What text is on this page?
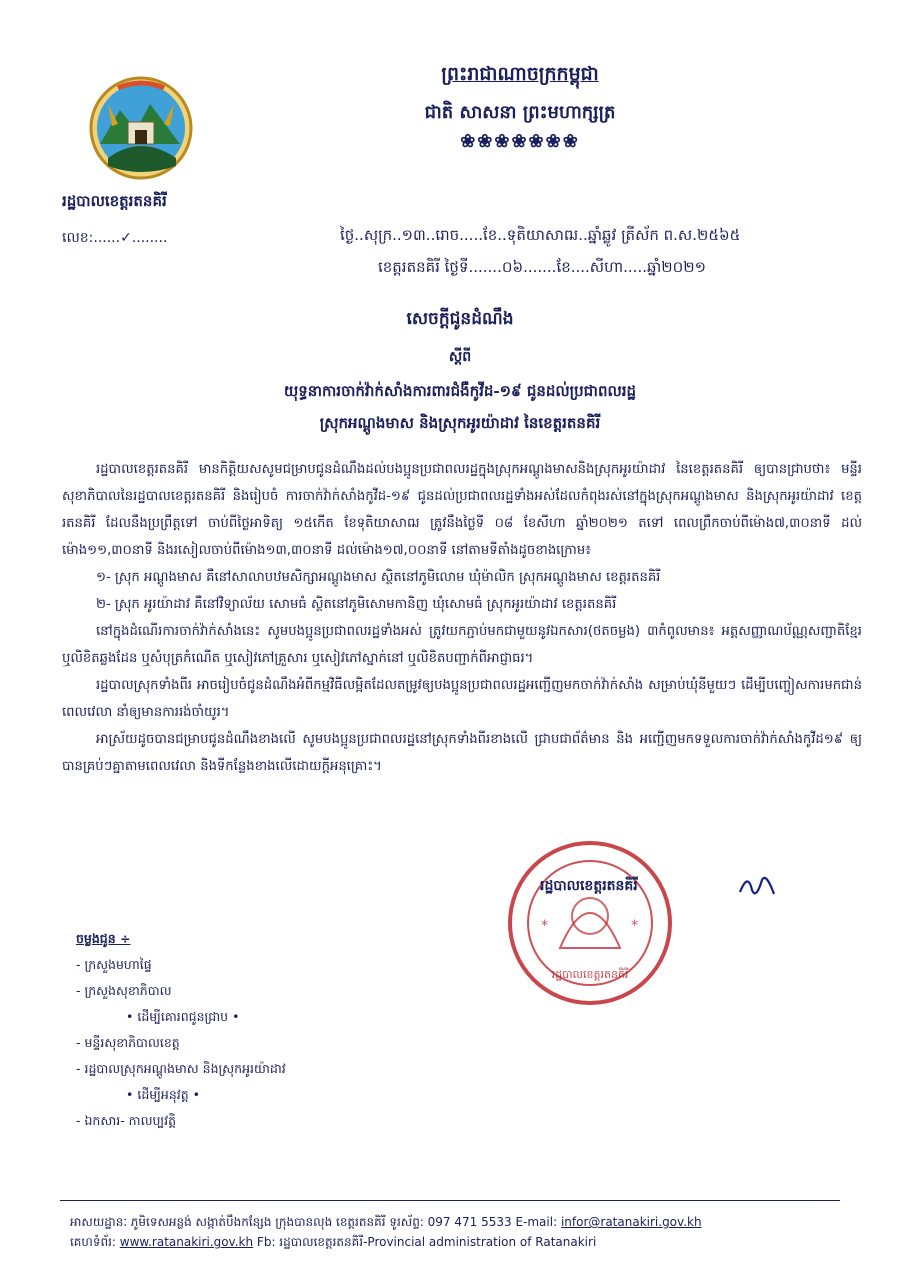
ព្រះរាជាណាចក្រកម្ពុជា
ជាតិ សាសនា ព្រះមហាក្សត្រ
❀❀❀❀❀❀❀
រដ្ឋបាលខេត្តរតនគិរី
លេខ:......✓........	ថ្ងៃ..សុក្រ..១៣..រោច.....ខែ..ទុតិយាសាឍ..ឆ្នាំឆ្លូវ ត្រីស័ក ព.ស.២៥៦៥
ខេត្តរតនគិរី ថ្ងៃទី.......០៦.......ខែ....សីហា.....ឆ្នាំ២០២១
សេចក្តីជូនដំណឹង
ស្តីពី
យុទ្ធនាការចាក់វ៉ាក់សាំងការពារជំងឺកូវីដ-១៩ ជូនដល់ប្រជាពលរដ្ឋ
ស្រុកអណ្តូងមាស និងស្រុកអូរយ៉ាដាវ នៃខេត្តរតនគិរី

រដ្ឋបាលខេត្តរតនគិរី មានកិត្តិយសសូមជម្រាបជូនដំណឹងដល់បងប្អូនប្រជាពលរដ្ឋក្នុងស្រុកអណ្តូងមាសនិងស្រុកអូរយ៉ាដាវ នៃខេត្តរតនគិរី ឲ្យបានជ្រាបថា៖ មន្ទីរសុខាភិបាលនៃរដ្ឋបាលខេត្តរតនគិរី និងរៀបចំ ការចាក់វ៉ាក់សាំងកូវីដ-១៩ ជូនដល់ប្រជាពលរដ្ឋទាំងអស់ដែលកំពុងរស់នៅក្នុងស្រុកអណ្តូងមាស និងស្រុកអូរយ៉ាដាវ ខេត្តរតនគិរី ដែលនឹងប្រព្រឹត្តទៅ ចាប់ពីថ្ងៃអាទិត្យ ១៥កើត ខែទុតិយាសាឍ ត្រូវនឹងថ្ងៃទី ០៨ ខែសីហា ឆ្នាំ២០២១ តទៅ ពេលព្រឹកចាប់ពីម៉ោង៧,៣០នាទី ដល់ម៉ោង១១,៣០នាទី និងរសៀលចាប់ពីម៉ោង១៣,៣០នាទី ដល់ម៉ោង១៧,០០នាទី នៅតាមទីតាំងដូចខាងក្រោម៖

១- ស្រុក អណ្តូងមាស គឺនៅសាលាបឋមសិក្សាអណ្តូងមាស ស្ថិតនៅភូមិលោម ឃុំម៉ាលិក ស្រុកអណ្តូងមាស ខេត្តរតនគិរី

២- ស្រុក អូរយ៉ាដាវ គឺនៅវិទ្យាល័យ សោមធំ ស្ថិតនៅភូមិសោមកានិញ ឃុំសោមធំ ស្រុកអូរយ៉ាដាវ ខេត្តរតនគិរី

នៅក្នុងដំណើរការចាក់វ៉ាក់សាំងនេះ សូមបងប្អូនប្រជាពលរដ្ឋទាំងអស់ ត្រូវយកភ្ជាប់មកជាមួយនូវឯកសារ(ថតចម្លង) ៣កំពូលមាន៖ អត្តសញ្ញាណប័ណ្ណសញ្ជាតិខ្មែរ ឬលិខិតឆ្លងដែន ឬសំបុត្រកំណើត ឬសៀវភៅគ្រួសារ ឬសៀវភៅស្នាក់នៅ ឬលិខិតបញ្ជាក់ពីអាជ្ញាធរ។

រដ្ឋបាលស្រុកទាំងពីរ អាចរៀបចំជូនដំណឹងអំពីកម្មវិធីលម្អិតដែលតម្រូវឲ្យបងប្អូនប្រជាពលរដ្ឋអញ្ជើញមកចាក់វ៉ាក់សាំង សម្រាប់ឃុំនីមួយៗ ដើម្បីបញ្ចៀសការមកជាន់ពេលវេលា នាំឲ្យមានការរង់ចាំយូរ។

អាស្រ័យដូចបានជម្រាបជូនដំណឹងខាងលើ សូមបងប្អូនប្រជាពលរដ្ឋនៅស្រុកទាំងពីរខាងលើ ជ្រាបជាព័ត៌មាន និង អញ្ជើញមកទទួលការចាក់វ៉ាក់សាំងកូវីដ១៩ ឲ្យបានគ្រប់ៗគ្នាតាមពេលវេលា និងទីកន្លែងខាងលើដោយក្តីអនុគ្រោះ។

*	*
រដ្ឋបាលខេត្តរតនគិរី
រដ្ឋបាលខេត្តរតនគិរី
ចម្លងជូន ÷
- ក្រសួងមហាផ្ទៃ
- ក្រសួងសុខាភិបាល
• ដើម្បីគោរពជូនជ្រាប •
- មន្ទីរសុខាភិបាលខេត្ត
- រដ្ឋបាលស្រុកអណ្តូងមាស និងស្រុកអូរយ៉ាដាវ
• ដើម្បីអនុវត្ត •
- ឯកសារ- កាលប្បវត្តិ
អាសយដ្ឋានៈ ភូមិទេសអន្លង់ សង្កាត់បឹងកន្សែង ក្រុងបានលុង ខេត្តរតនគិរី ទូរស័ព្ទ: 097 471 5533 E-mail: infor@ratanakiri.gov.kh
គេហទំព័រ: www.ratanakiri.gov.kh Fb: រដ្ឋបាលខេត្តរតនគិរី-Provincial administration of Ratanakiri
